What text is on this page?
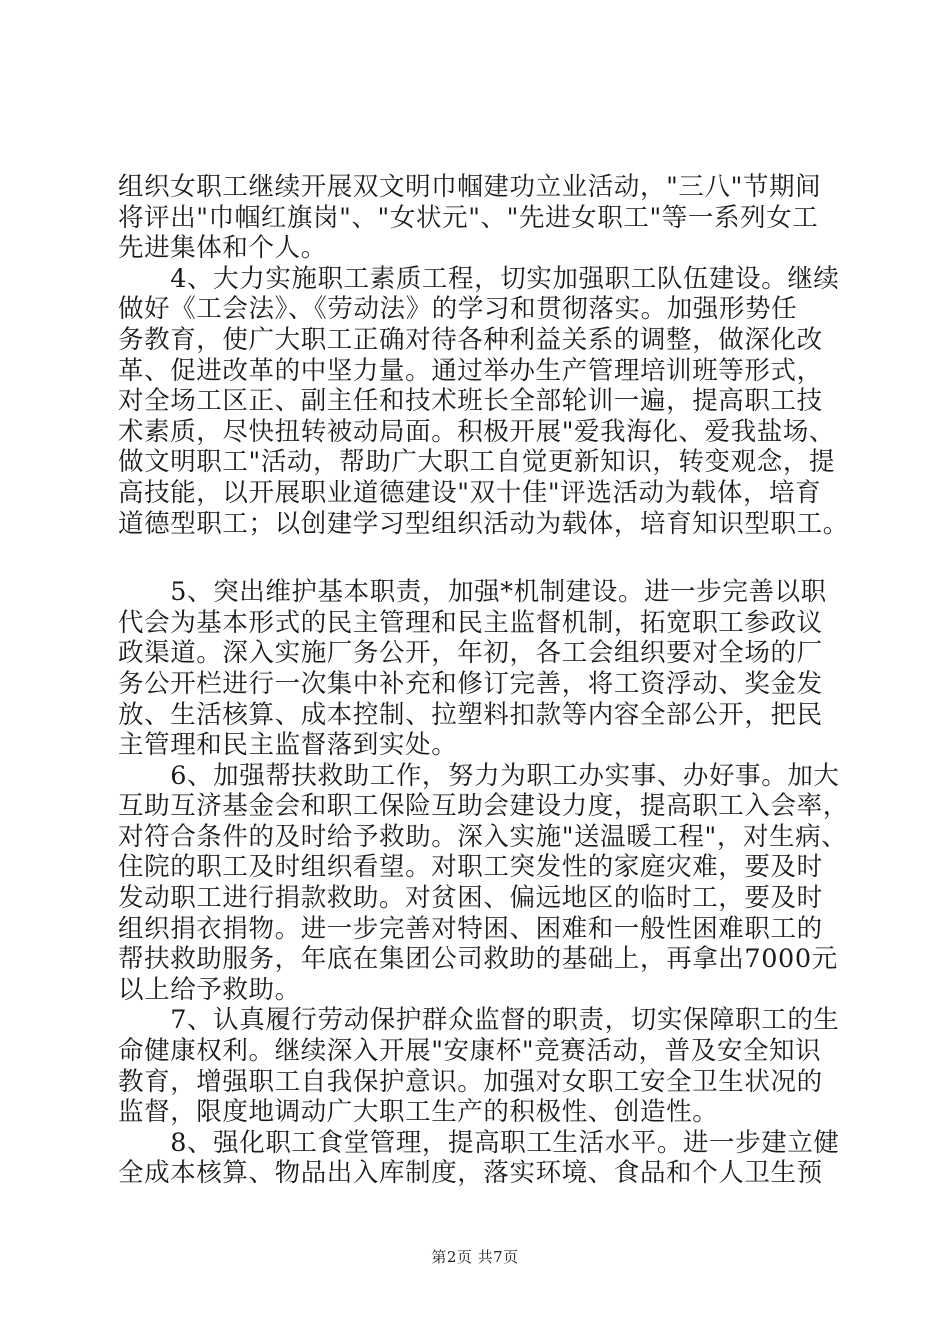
组织女职工继续开展双文明巾帼建功立业活动，"三八"节期间
将评出"巾帼红旗岗"、"女状元"、"先进女职工"等一系列女工
先进集体和个人。
　　4、大力实施职工素质工程，切实加强职工队伍建设。继续
做好《工会法》、《劳动法》的学习和贯彻落实。加强形势任
务教育，使广大职工正确对待各种利益关系的调整，做深化改
革、促进改革的中坚力量。通过举办生产管理培训班等形式，
对全场工区正、副主任和技术班长全部轮训一遍，提高职工技
术素质，尽快扭转被动局面。积极开展"爱我海化、爱我盐场、
做文明职工"活动，帮助广大职工自觉更新知识，转变观念，提
高技能，以开展职业道德建设"双十佳"评选活动为载体，培育
道德型职工；以创建学习型组织活动为载体，培育知识型职工。
　　5、突出维护基本职责，加强*机制建设。进一步完善以职
代会为基本形式的民主管理和民主监督机制，拓宽职工参政议
政渠道。深入实施厂务公开，年初，各工会组织要对全场的厂
务公开栏进行一次集中补充和修订完善，将工资浮动、奖金发
放、生活核算、成本控制、拉塑料扣款等内容全部公开，把民
主管理和民主监督落到实处。
　　6、加强帮扶救助工作，努力为职工办实事、办好事。加大
互助互济基金会和职工保险互助会建设力度，提高职工入会率，
对符合条件的及时给予救助。深入实施"送温暖工程"，对生病、
住院的职工及时组织看望。对职工突发性的家庭灾难，要及时
发动职工进行捐款救助。对贫困、偏远地区的临时工，要及时
组织捐衣捐物。进一步完善对特困、困难和一般性困难职工的
帮扶救助服务，年底在集团公司救助的基础上，再拿出7000元
以上给予救助。
　　7、认真履行劳动保护群众监督的职责，切实保障职工的生
命健康权利。继续深入开展"安康杯"竞赛活动，普及安全知识
教育，增强职工自我保护意识。加强对女职工安全卫生状况的
监督，限度地调动广大职工生产的积极性、创造性。
　　8、强化职工食堂管理，提高职工生活水平。进一步建立健
全成本核算、物品出入库制度，落实环境、食品和个人卫生预
第2页 共7页
